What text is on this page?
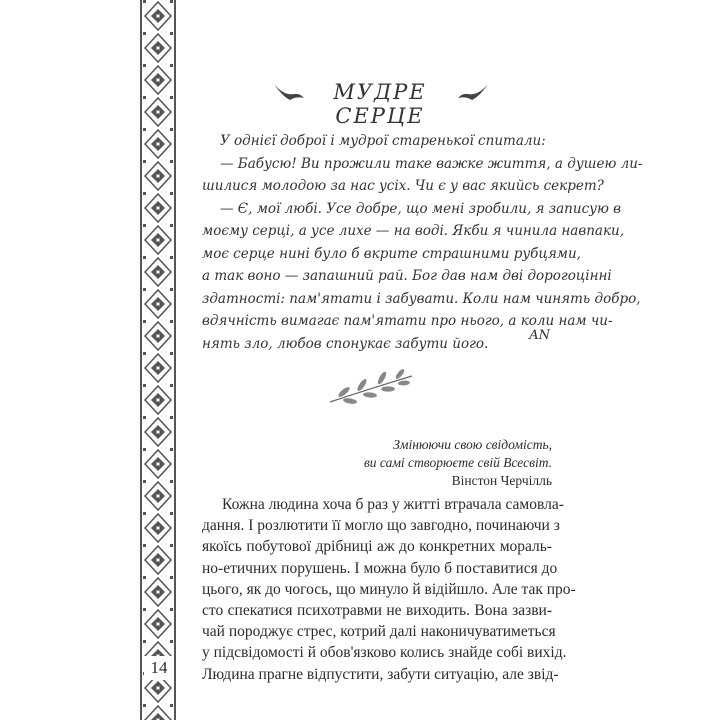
14
МУДРЕ СЕРЦЕ
У однієї доброї і мудрої старенької спитали:
— Бабусю! Ви прожили таке важке життя, а душею ли-
шилися молодою за нас усіх. Чи є у вас якийсь секрет?
— Є, мої любі. Усе добре, що мені зробили, я записую в
моєму серці, а усе лихе — на воді. Якби я чинила навпаки,
моє серце нині було б вкрите страшними рубцями,
а так воно — запашний рай. Бог дав нам дві дорогоцінні
здатності: пам'ятати і забувати. Коли нам чинять добро,
вдячність вимагає пам'ятати про нього, а коли нам чи-
нять зло, любов спонукає забути його.	AN
Змінюючи свою свідомість,
ви самі створюєте свій Всесвіт.
Вінстон Черчілль
Кожна людина хоча б раз у житті втрачала самовла-
дання. І розлютити її могло що завгодно, починаючи з
якоїсь побутової дрібниці аж до конкретних мораль-
но-етичних порушень. І можна було б поставитися до
цього, як до чогось, що минуло й відійшло. Але так про-
сто спекатися психотравми не виходить. Вона зазви-
чай породжує стрес, котрий далі наконичуватиметься
у підсвідомості й обов'язково колись знайде собі вихід.
Людина прагне відпустити, забути ситуацію, але звід-
